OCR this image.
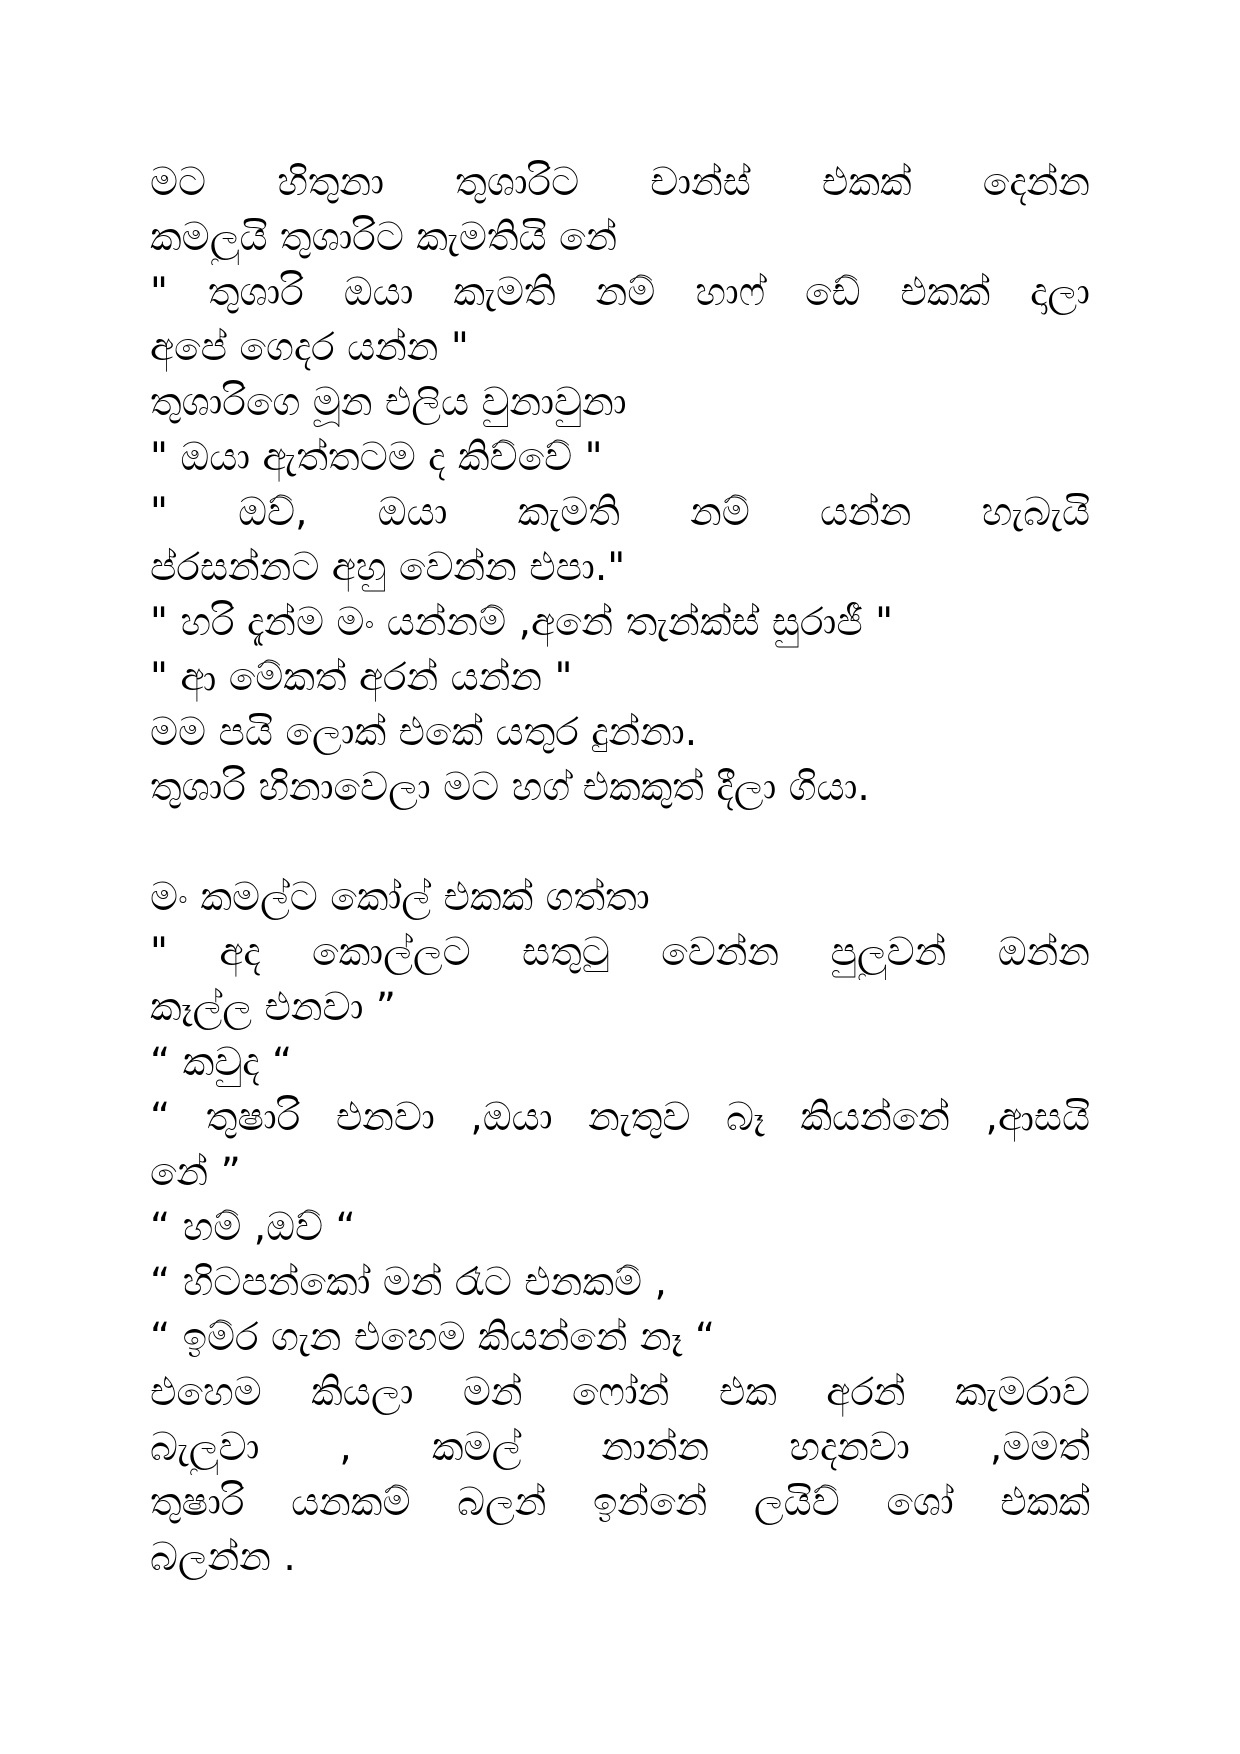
මට හිතුනා තුශාරිට චාන්ස් එකක් දෙන්න
කමලුයි තුශාරිට කැමතියි නේ
" තුශාරි ඔයා කැමති නම් හාෆ් ඩේ එකක් දාලා
අපේ ගෙදර යන්න "
තුශාරිගෙ මූන එලිය වුනාවුනා
" ඔයා ඇත්තටම ද කිව්වේ "
" ඔව්, ඔයා කැමති නම් යන්න හැබැයි
ප්රසන්නට අහු වෙන්න එපා."
" හරි දැන්ම මං යන්නම් ,අනේ තැන්ක්ස් සුරාජී "
" ආ මේකත් අරන් යන්න "
මම පයි ලොක් එකේ යතුර දුන්නා.
තුශාරි හිනාවෙලා මට හග් එකකුත් දීලා ගියා.
මං කමල්ට කෝල් එකක් ගත්තා
" අද කොල්ලට සතුටු වෙන්න පුලුවන් ඔන්න
කෑල්ල එනවා ”
“ කවුද “
“ තුෂාරි එනවා ,ඔයා නැතුව බෑ කියන්නේ ,ආසයි
නේ ”
“ හම් ,ඔව් “
“ හිටපන්කෝ මන් රෑට එනකම් ,
“ ඉම්ර ගැන එහෙම කියන්නේ නෑ “
එහෙම කියලා මන් ෆෝන් එක අරන් කැමරාව
බැලුවා , කමල් නාන්න හදනවා ,මමත්
තුෂාරි යනකම් බලන් ඉන්නේ ලයිව් ශෝ එකක්
බලන්න .
